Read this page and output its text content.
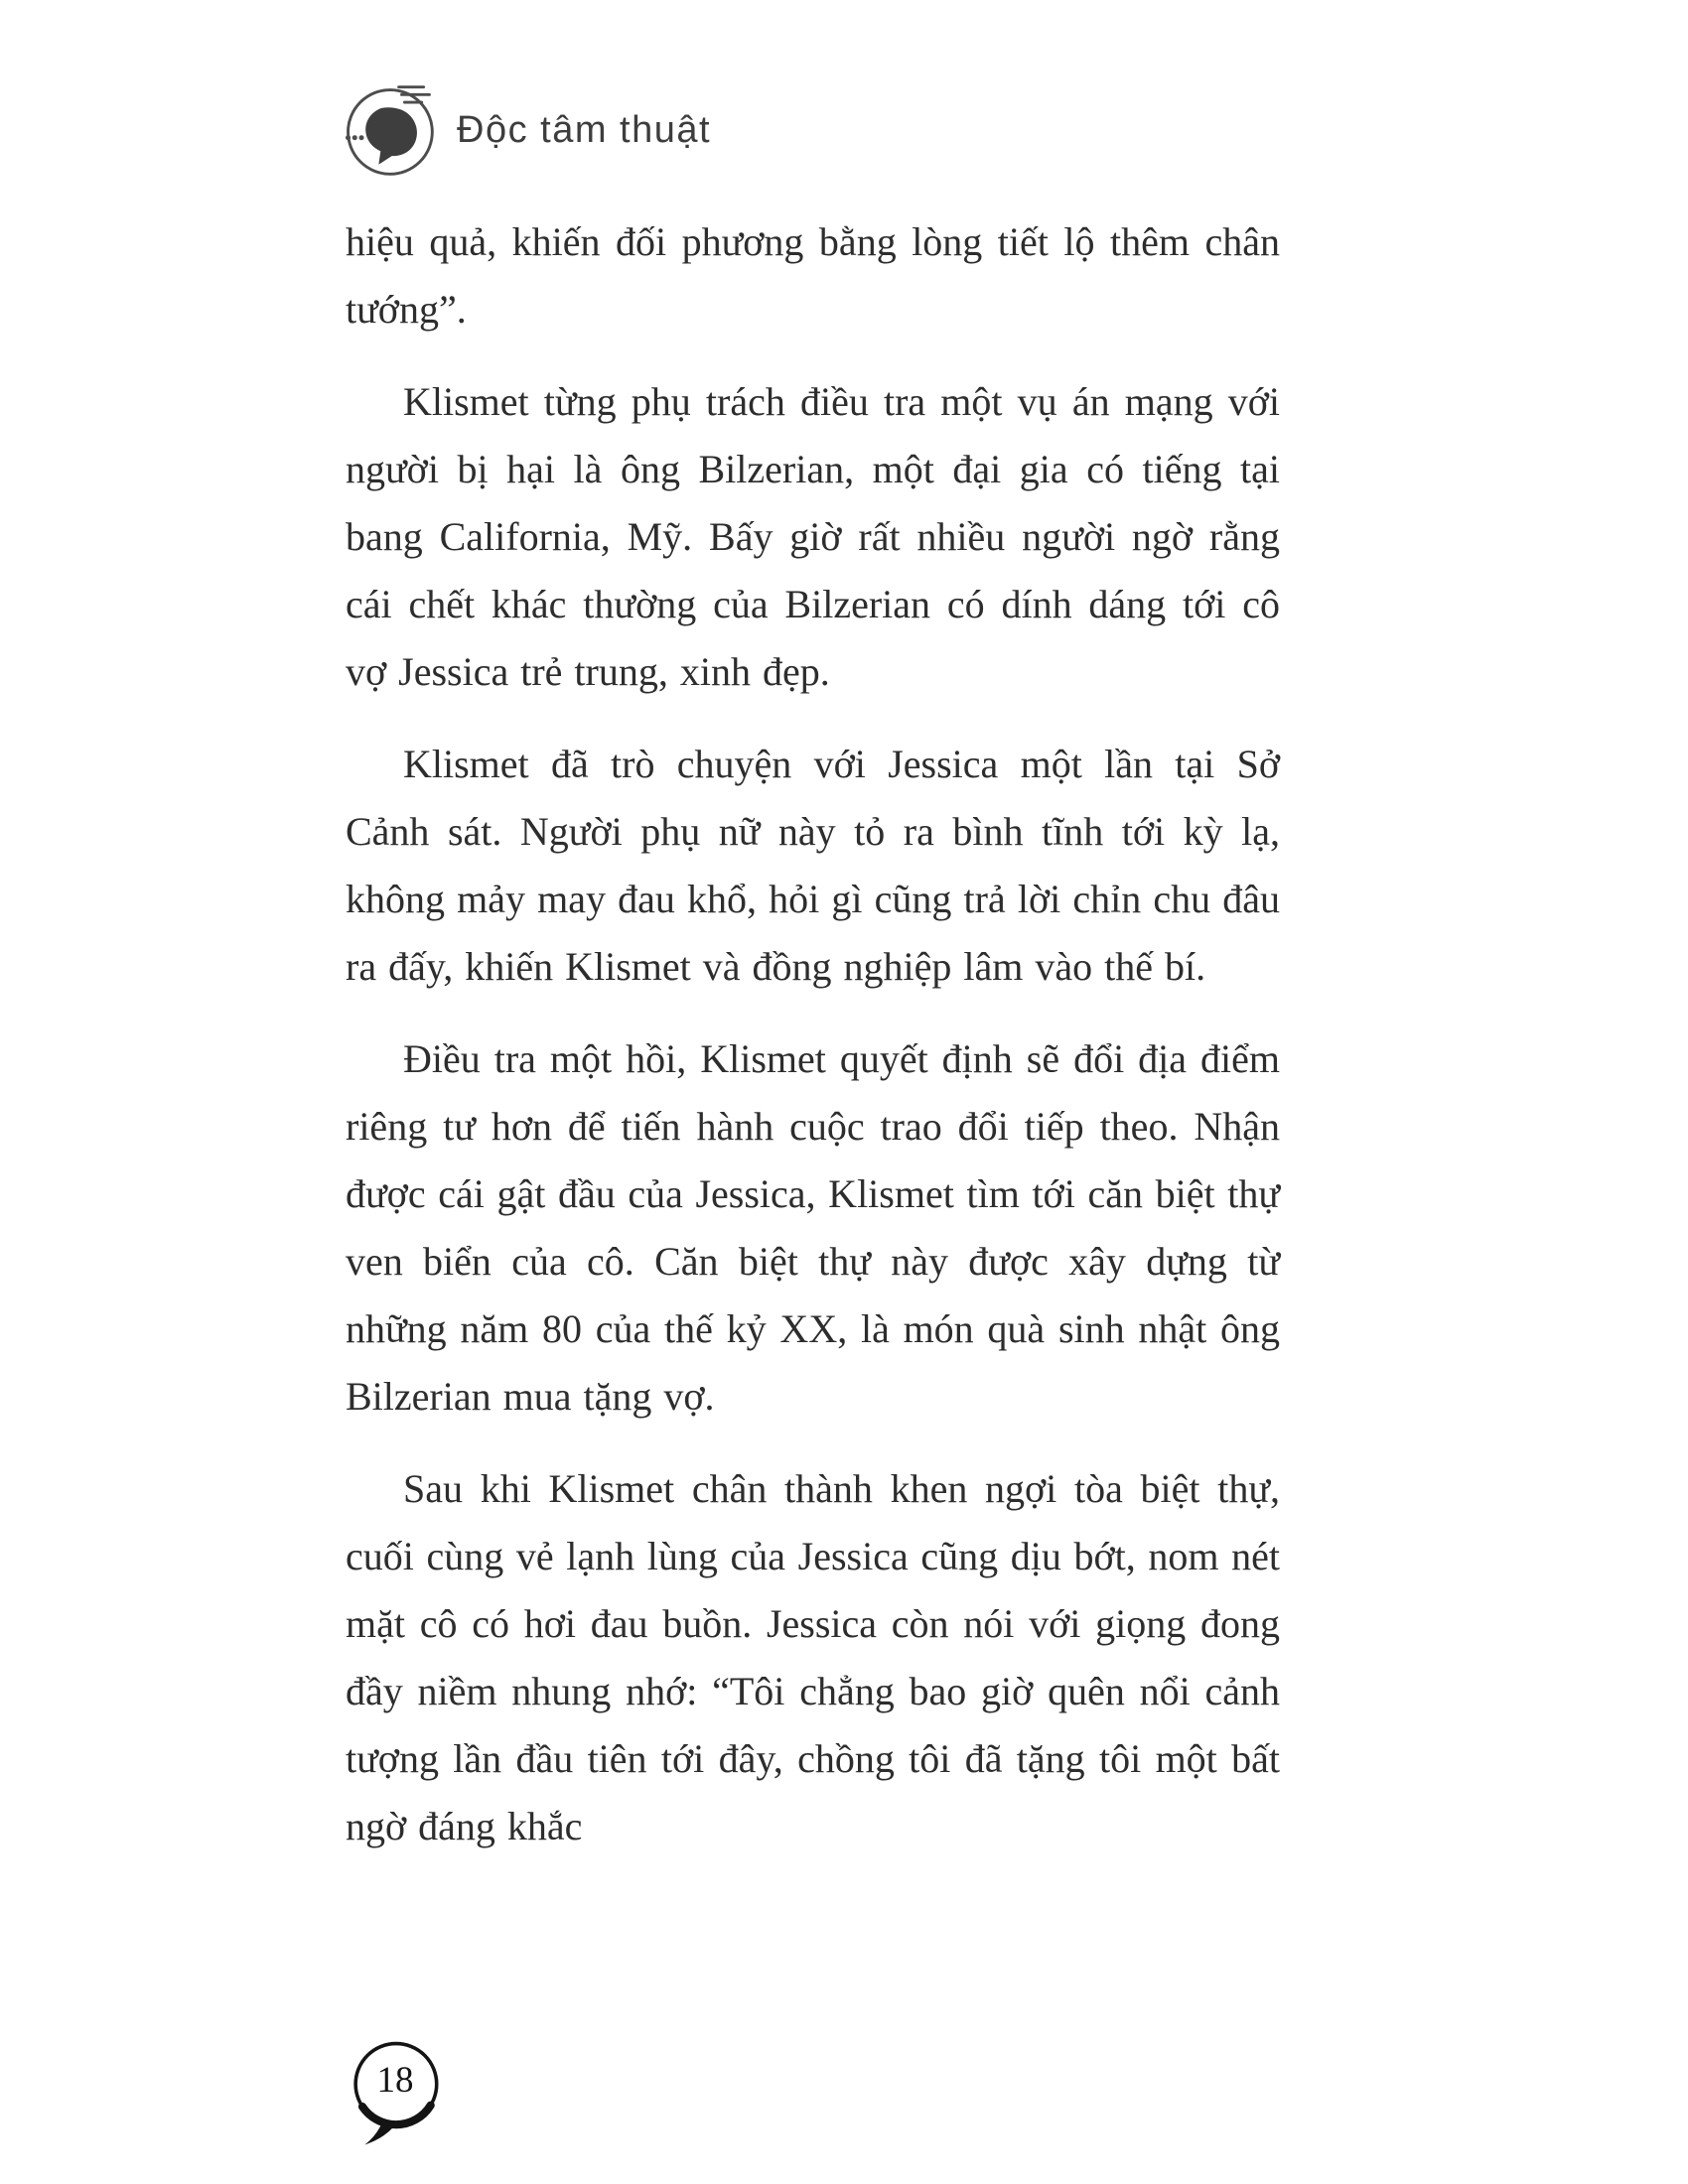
Độc tâm thuật

hiệu quả, khiến đối phương bằng lòng tiết lộ thêm chân tướng”.

Klismet từng phụ trách điều tra một vụ án mạng với người bị hại là ông Bilzerian, một đại gia có tiếng tại bang California, Mỹ. Bấy giờ rất nhiều người ngờ rằng cái chết khác thường của Bilzerian có dính dáng tới cô vợ Jessica trẻ trung, xinh đẹp.

Klismet đã trò chuyện với Jessica một lần tại Sở Cảnh sát. Người phụ nữ này tỏ ra bình tĩnh tới kỳ lạ, không mảy may đau khổ, hỏi gì cũng trả lời chỉn chu đâu ra đấy, khiến Klismet và đồng nghiệp lâm vào thế bí.

Điều tra một hồi, Klismet quyết định sẽ đổi địa điểm riêng tư hơn để tiến hành cuộc trao đổi tiếp theo. Nhận được cái gật đầu của Jessica, Klismet tìm tới căn biệt thự ven biển của cô. Căn biệt thự này được xây dựng từ những năm 80 của thế kỷ XX, là món quà sinh nhật ông Bilzerian mua tặng vợ.

Sau khi Klismet chân thành khen ngợi tòa biệt thự, cuối cùng vẻ lạnh lùng của Jessica cũng dịu bớt, nom nét mặt cô có hơi đau buồn. Jessica còn nói với giọng đong đầy niềm nhung nhớ: “Tôi chẳng bao giờ quên nổi cảnh tượng lần đầu tiên tới đây, chồng tôi đã tặng tôi một bất ngờ đáng khắc

18
